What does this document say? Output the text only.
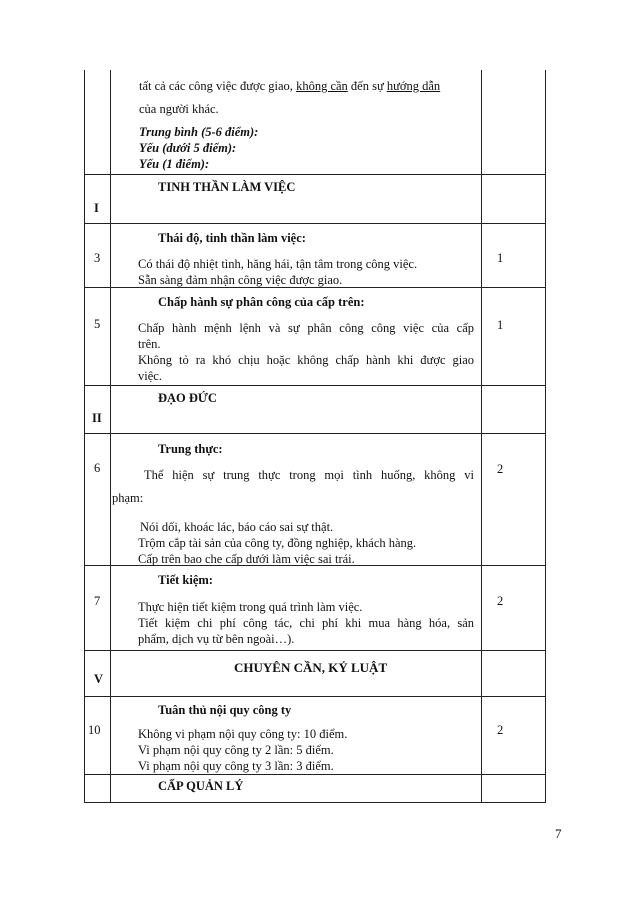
tất cả các công việc được giao, không cần đến sự hướng dẫn
của người khác.
Trung bình (5-6 điểm):
Yếu (dưới 5 điểm):
Yếu (1 điểm):
I
TINH THẦN LÀM VIỆC
3
Thái độ, tinh thần làm việc:
Có thái độ nhiệt tình, hăng hái, tận tâm trong công việc.
Sẵn sàng đảm nhận công việc được giao.
1
5
Chấp hành sự phân công của cấp trên:
Chấp hành mệnh lệnh và sự phân công công việc của cấp
trên.
Không tỏ ra khó chịu hoặc không chấp hành khi được giao
việc.
1
II
ĐẠO ĐỨC
6
Trung thực:
Thể hiện sự trung thực trong mọi tình huống, không vi
phạm:
Nói dối, khoác lác, báo cáo sai sự thật.
Trộm cắp tài sản của công ty, đồng nghiệp, khách hàng.
Cấp trên bao che cấp dưới làm việc sai trái.
2
7
Tiết kiệm:
Thực hiện tiết kiệm trong quá trình làm việc.
Tiết kiệm chi phí công tác, chi phí khi mua hàng hóa, sản
phẩm, dịch vụ từ bên ngoài…).
2
V
CHUYÊN CẦN, KỶ LUẬT
10
Tuân thủ nội quy công ty
Không vi phạm nội quy công ty: 10 điểm.
Vi phạm nội quy công ty 2 lần: 5 điểm.
Vi phạm nội quy công ty 3 lần: 3 điểm.
2
CẤP QUẢN LÝ
7
